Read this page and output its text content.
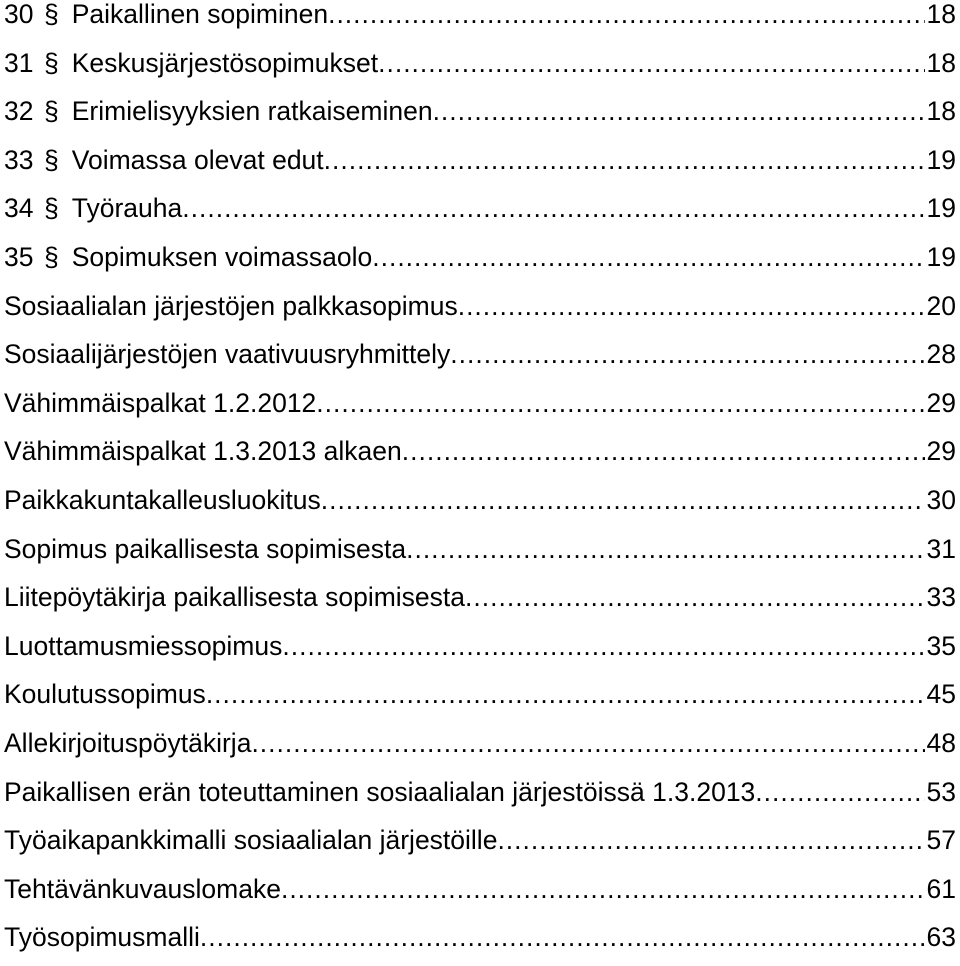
30 § Paikallinen sopiminen .....	18
31 § Keskusjärjestösopimukset .....	18
32 § Erimielisyyksien ratkaiseminen .....	18
33 § Voimassa olevat edut .....	19
34 § Työrauha .....	19
35 § Sopimuksen voimassaolo .....	19
Sosiaalialan järjestöjen palkkasopimus .....	20
Sosiaalijärjestöjen vaativuusryhmittely .....	28
Vähimmäispalkat 1.2.2012 .....	29
Vähimmäispalkat 1.3.2013 alkaen .....	29
Paikkakuntakalleusluokitus .....	30
Sopimus paikallisesta sopimisesta .....	31
Liitepöytäkirja paikallisesta sopimisesta .....	33
Luottamusmiessopimus .....	35
Koulutussopimus .....	45
Allekirjoituspöytäkirja .....	48
Paikallisen erän toteuttaminen sosiaalialan järjestöissä 1.3.2013 .....	53
Työaikapankkimalli sosiaalialan järjestöille .....	57
Tehtävänkuvauslomake .....	61
Työsopimusmalli .....	63
